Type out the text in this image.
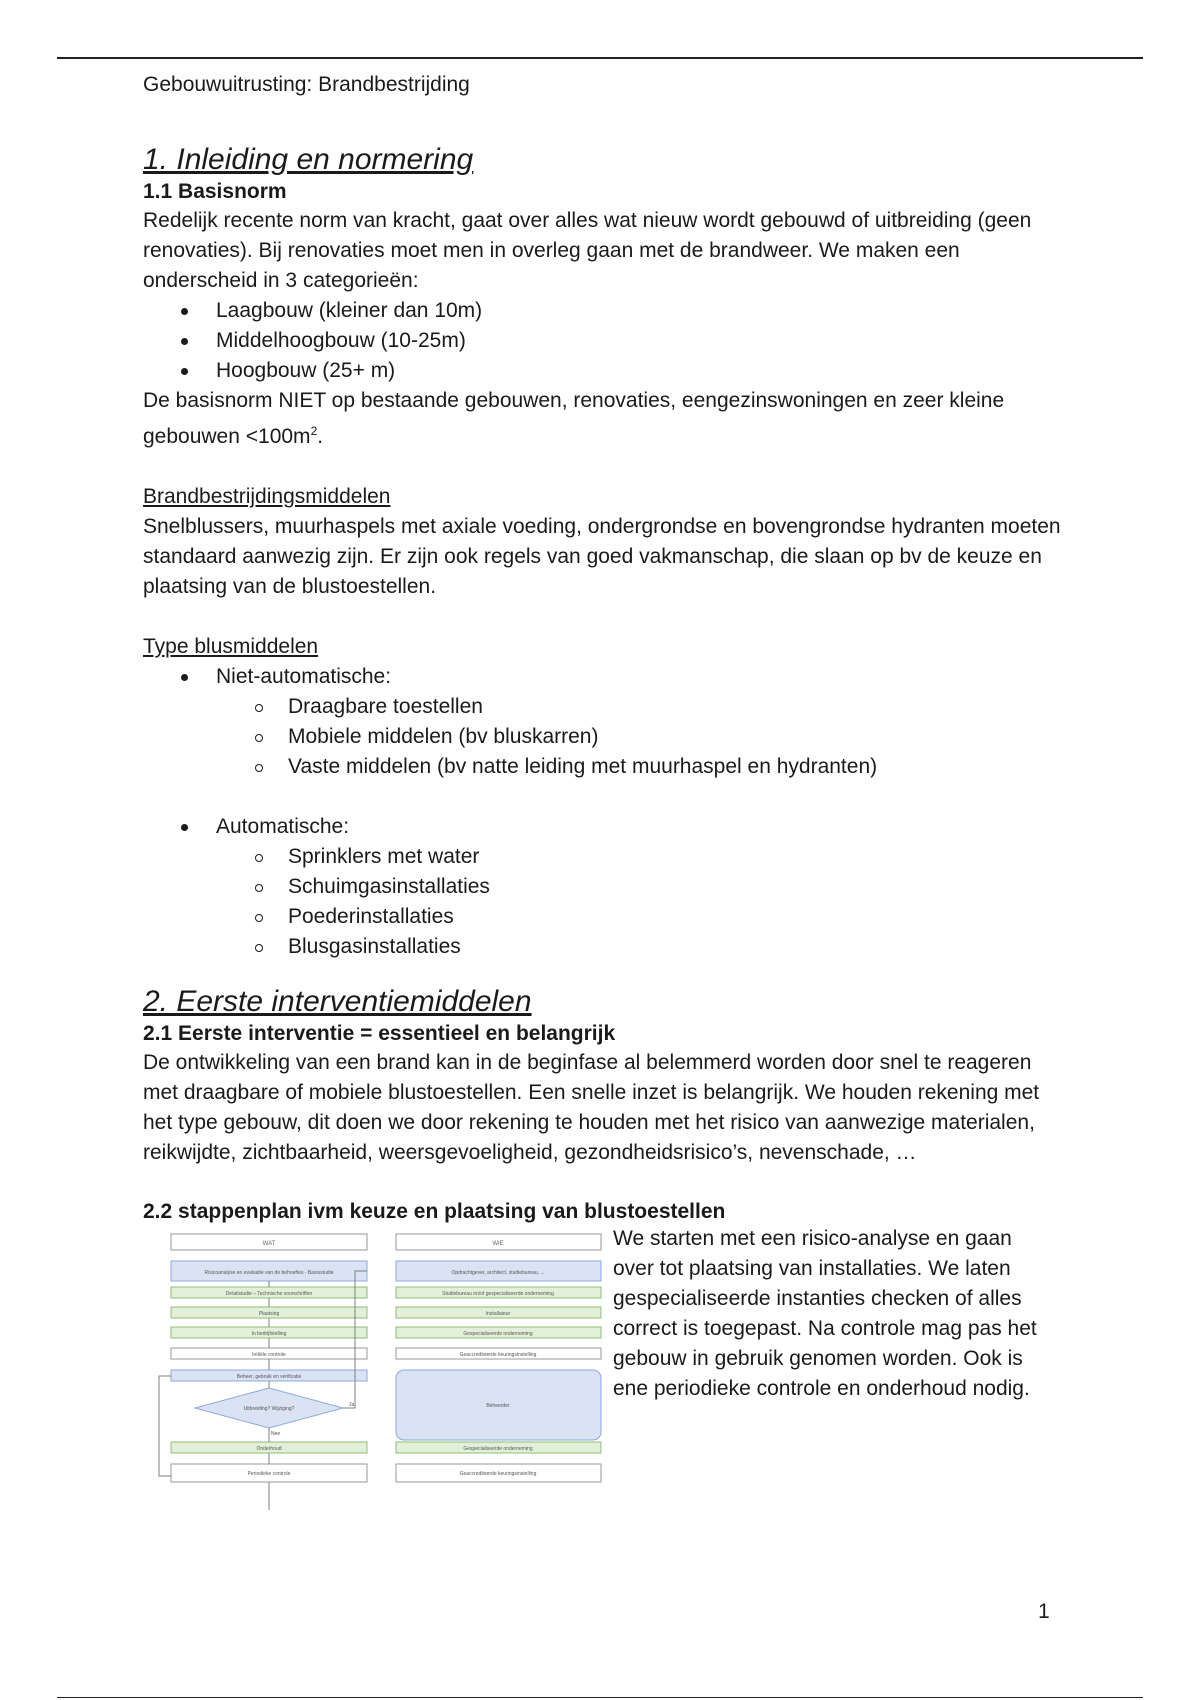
Gebouwuitrusting: Brandbestrijding

1. Inleiding en normering
1.1 Basisnorm

Redelijk recente norm van kracht, gaat over alles wat nieuw wordt gebouwd of uitbreiding (geen renovaties). Bij renovaties moet men in overleg gaan met de brandweer. We maken een onderscheid in 3 categorieën:

Laagbouw (kleiner dan 10m)
Middelhoogbouw (10-25m)
Hoogbouw (25+ m)

De basisnorm NIET op bestaande gebouwen, renovaties, eengezinswoningen en zeer kleine gebouwen $<100m^2$.

Brandbestrijdingsmiddelen

Snelblussers, muurhaspels met axiale voeding, ondergrondse en bovengrondse hydranten moeten standaard aanwezig zijn. Er zijn ook regels van goed vakmanschap, die slaan op bv de keuze en plaatsing van de blustoestellen.

Type blusmiddelen

Niet-automatische:
Draagbare toestellen
Mobiele middelen (bv bluskarren)
Vaste middelen (bv natte leiding met muurhaspel en hydranten)
Automatische:
Sprinklers met water
Schuimgasinstallaties
Poederinstallaties
Blusgasinstallaties
2. Eerste interventiemiddelen
2.1 Eerste interventie = essentieel en belangrijk

De ontwikkeling van een brand kan in de beginfase al belemmerd worden door snel te reageren met draagbare of mobiele blustoestellen. Een snelle inzet is belangrijk. We houden rekening met het type gebouw, dit doen we door rekening te houden met het risico van aanwezige materialen, reikwijdte, zichtbaarheid, weersgevoeligheid, gezondheidsrisico’s, nevenschade, …

2.2 stappenplan ivm keuze en plaatsing van blustoestellen
WAT	WIE
Risicoanalyse en evaluatie van de behoeftes - Basisstudie
Detailstudie – Technische voorschriften
Plaatsing
In bedrijfstelling
Initiële controle
Beheer, gebruik en verificatie
Uitbreiding? Wijziging?
Nee
Ja
Onderhoud
Periodieke controle
Opdrachtgever, architect, studiebureau, ...
Studiebureau en/of gespecialiseerde onderneming
Installateur
Gespecialiseerde onderneming
Geaccrediteerde keuringsinstelling
Beheerder
Gespecialiseerde onderneming
Geaccrediteerde keuringsinstelling

We starten met een risico-analyse en gaan over tot plaatsing van installaties. We laten gespecialiseerde instanties checken of alles correct is toegepast. Na controle mag pas het gebouw in gebruik genomen worden. Ook is ene periodieke controle en onderhoud nodig.

1
